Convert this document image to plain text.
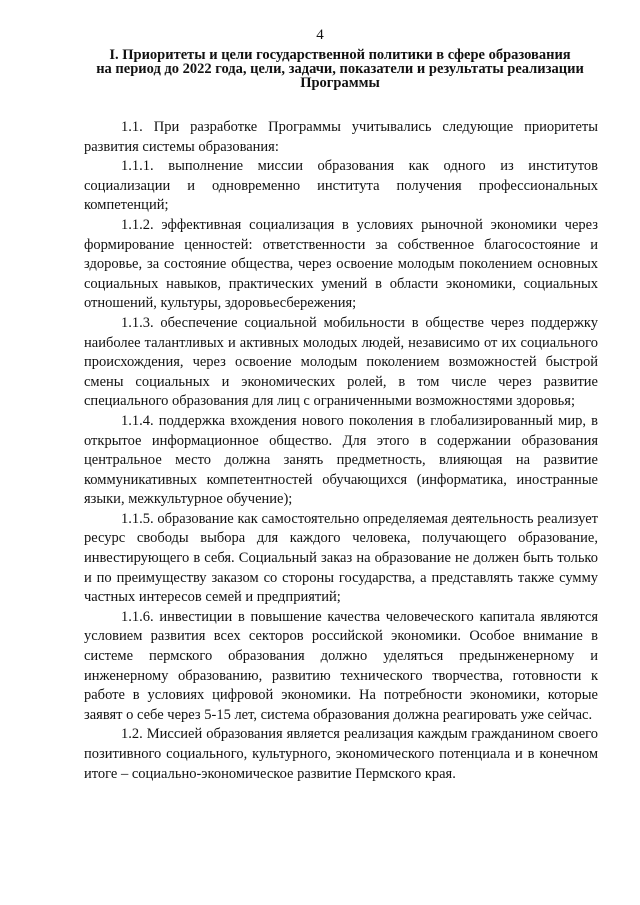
4
I. Приоритеты и цели государственной политики в сфере образования
на период до 2022 года, цели, задачи, показатели и результаты реализации
Программы

1.1. При разработке Программы учитывались следующие приоритеты развития системы образования:

1.1.1. выполнение миссии образования как одного из институтов социализации и одновременно института получения профессиональных компетенций;

1.1.2. эффективная социализация в условиях рыночной экономики через формирование ценностей: ответственности за собственное благосостояние и здоровье, за состояние общества, через освоение молодым поколением основных социальных навыков, практических умений в области экономики, социальных отношений, культуры, здоровьесбережения;

1.1.3. обеспечение социальной мобильности в обществе через поддержку наиболее талантливых и активных молодых людей, независимо от их социального происхождения, через освоение молодым поколением возможностей быстрой смены социальных и экономических ролей, в том числе через развитие специального образования для лиц с ограниченными возможностями здоровья;

1.1.4. поддержка вхождения нового поколения в глобализированный мир, в открытое информационное общество. Для этого в содержании образования центральное место должна занять предметность, влияющая на развитие коммуникативных компетентностей обучающихся (информатика, иностранные языки, межкультурное обучение);

1.1.5. образование как самостоятельно определяемая деятельность реализует ресурс свободы выбора для каждого человека, получающего образование, инвестирующего в себя. Социальный заказ на образование не должен быть только и по преимуществу заказом со стороны государства, а представлять также сумму частных интересов семей и предприятий;

1.1.6. инвестиции в повышение качества человеческого капитала являются условием развития всех секторов российской экономики. Особое внимание в системе пермского образования должно уделяться предынженерному и инженерному образованию, развитию технического творчества, готовности к работе в условиях цифровой экономики. На потребности экономики, которые заявят о себе через 5-15 лет, система образования должна реагировать уже сейчас.

1.2. Миссией образования является реализация каждым гражданином своего позитивного социального, культурного, экономического потенциала и в конечном итоге – социально-экономическое развитие Пермского края.
